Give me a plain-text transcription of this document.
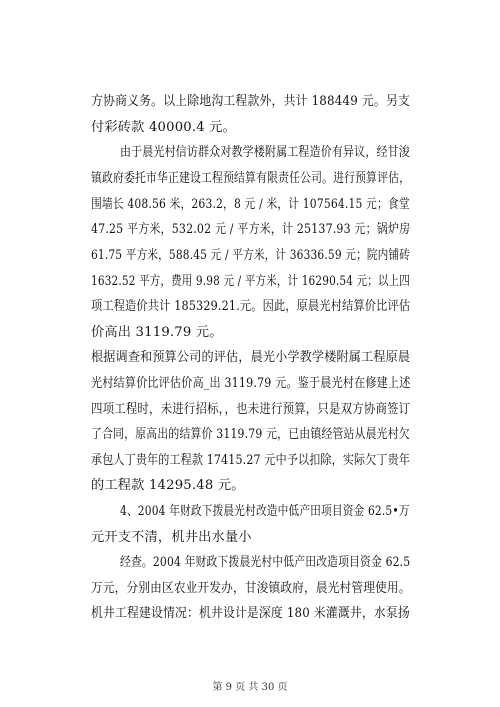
方协商义务。以上除地沟工程款外，共计 188449 元。另支
付彩砖款 40000.4 元。
由于晨光村信访群众对教学楼附属工程造价有异议，经甘浚
镇政府委托市华正建设工程预结算有限责任公司。进行预算评估，
围墙长 408.56 米，263.2，8 元 / 米，计 107564.15 元；食堂
47.25 平方米，532.02 元 / 平方米，计 25137.93 元；锅炉房
61.75 平方米，588.45 元 / 平方米，计 36336.59 元；院内铺砖
1632.52 平方，费用 9.98 元 / 平方米，计 16290.54 元；以上四
项工程造价共计 185329.21.元。因此，原晨光村结算价比评估
价高出 3119.79 元。
根据调查和预算公司的评估，晨光小学教学楼附属工程原晨
光村结算价比评估价高_出 3119.79 元。鉴于晨光村在修建上述
四项工程时，未进行招标，，也未进行预算，只是双方协商签订
了合同，原高出的结算价 3119.79 元，已由镇经管站从晨光村欠
承包人丁贵年的工程款 17415.27 元中予以扣除，实际欠丁贵年
的工程款 14295.48 元。
4、2004 年财政下拨晨光村改造中低产田项目资金 62.5•万
元开支不清，机井出水量小
经查。2004 年财政下拨晨光村中低产田改造项目资金 62.5
万元，分别由区农业开发办，甘浚镇政府，晨光村管理使用。
机井工程建设情况：机井设计是深度 180 米灌溉井，水泵扬
第 9 页 共 30 页
